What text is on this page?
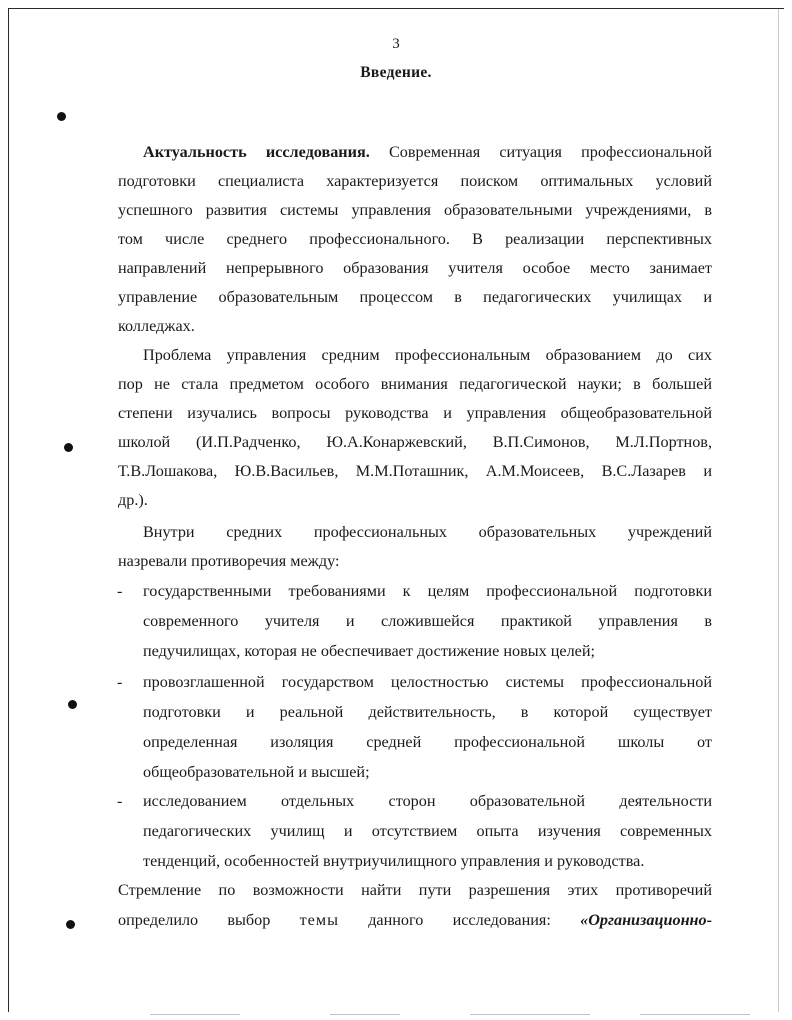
3
Введение.
Актуальность исследования. Современная ситуация профессиональной
подготовки специалиста характеризуется поиском оптимальных условий
успешного развития системы управления образовательными учреждениями, в
том числе среднего профессионального. В реализации перспективных
направлений непрерывного образования учителя особое место занимает
управление образовательным процессом в педагогических училищах и
колледжах.
Проблема управления средним профессиональным образованием до сих
пор не стала предметом особого внимания педагогической науки; в большей
степени изучались вопросы руководства и управления общеобразовательной
школой (И.П.Радченко, Ю.А.Конаржевский, В.П.Симонов, М.Л.Портнов,
Т.В.Лошакова, Ю.В.Васильев, М.М.Поташник, А.М.Моисеев, В.С.Лазарев и
др.).
Внутри средних профессиональных образовательных учреждений
назревали противоречия между:
- государственными требованиями к целям профессиональной подготовки
современного учителя и сложившейся практикой управления в
педучилищах, которая не обеспечивает достижение новых целей;
- провозглашенной государством целостностью системы профессиональной
подготовки и реальной действительность, в которой существует
определенная изоляция средней профессиональной школы от
общеобразовательной и высшей;
- исследованием отдельных сторон образовательной деятельности
педагогических училищ и отсутствием опыта изучения современных
тенденций, особенностей внутриучилищного управления и руководства.
Стремление по возможности найти пути разрешения этих противоречий
определило выбор темы данного исследования: «Организационно-
